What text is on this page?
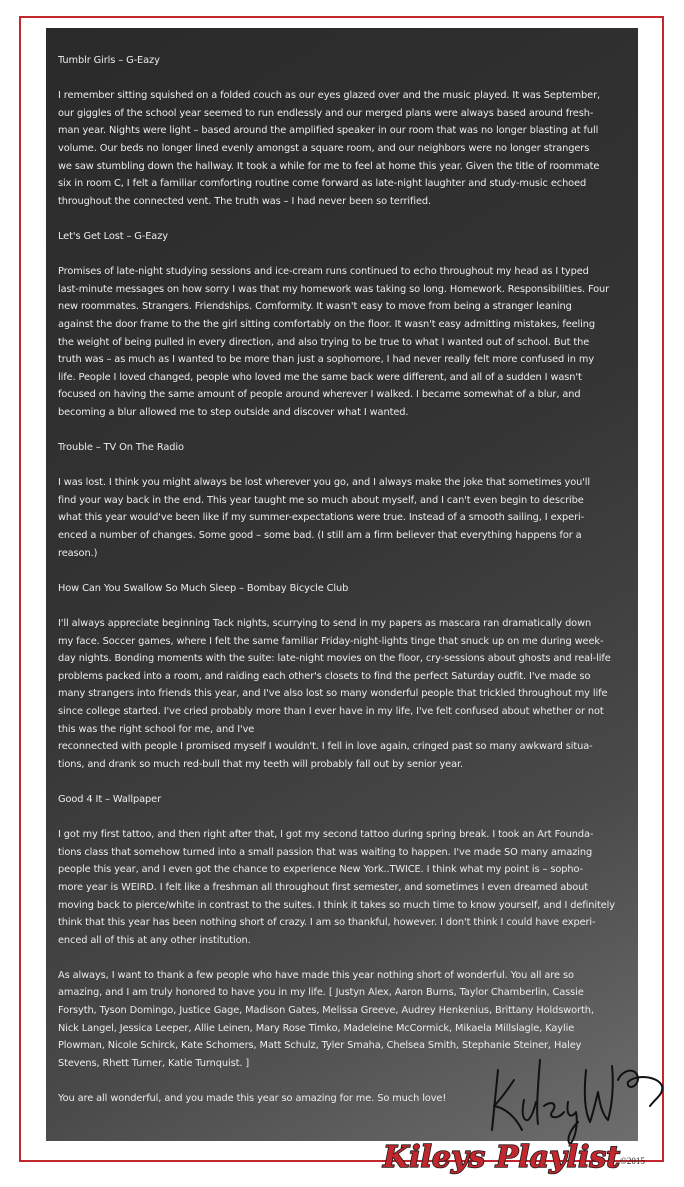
Tumblr Girls – G-Eazy
I remember sitting squished on a folded couch as our eyes glazed over and the music played. It was September,
our giggles of the school year seemed to run endlessly and our merged plans were always based around fresh-
man year. Nights were light – based around the amplified speaker in our room that was no longer blasting at full
volume. Our beds no longer lined evenly amongst a square room, and our neighbors were no longer strangers
we saw stumbling down the hallway. It took a while for me to feel at home this year. Given the title of roommate
six in room C, I felt a familiar comforting routine come forward as late-night laughter and study-music echoed
throughout the connected vent. The truth was – I had never been so terrified.
Let's Get Lost – G-Eazy
Promises of late-night studying sessions and ice-cream runs continued to echo throughout my head as I typed
last-minute messages on how sorry I was that my homework was taking so long. Homework. Responsibilities. Four
new roommates. Strangers. Friendships. Comformity. It wasn't easy to move from being a stranger leaning
against the door frame to the the girl sitting comfortably on the floor. It wasn't easy admitting mistakes, feeling
the weight of being pulled in every direction, and also trying to be true to what I wanted out of school. But the
truth was – as much as I wanted to be more than just a sophomore, I had never really felt more confused in my
life. People I loved changed, people who loved me the same back were different, and all of a sudden I wasn't
focused on having the same amount of people around wherever I walked. I became somewhat of a blur, and
becoming a blur allowed me to step outside and discover what I wanted.
Trouble – TV On The Radio
I was lost. I think you might always be lost wherever you go, and I always make the joke that sometimes you'll
find your way back in the end. This year taught me so much about myself, and I can't even begin to describe
what this year would've been like if my summer-expectations were true. Instead of a smooth sailing, I experi-
enced a number of changes. Some good – some bad. (I still am a firm believer that everything happens for a
reason.)
How Can You Swallow So Much Sleep – Bombay Bicycle Club
I'll always appreciate beginning Tack nights, scurrying to send in my papers as mascara ran dramatically down
my face. Soccer games, where I felt the same familiar Friday-night-lights tinge that snuck up on me during week-
day nights. Bonding moments with the suite: late-night movies on the floor, cry-sessions about ghosts and real-life
problems packed into a room, and raiding each other's closets to find the perfect Saturday outfit. I've made so
many strangers into friends this year, and I've also lost so many wonderful people that trickled throughout my life
since college started. I've cried probably more than I ever have in my life, I've felt confused about whether or not
this was the right school for me, and I've
reconnected with people I promised myself I wouldn't. I fell in love again, cringed past so many awkward situa-
tions, and drank so much red-bull that my teeth will probably fall out by senior year.
Good 4 It – Wallpaper
I got my first tattoo, and then right after that, I got my second tattoo during spring break. I took an Art Founda-
tions class that somehow turned into a small passion that was waiting to happen. I've made SO many amazing
people this year, and I even got the chance to experience New York..TWICE. I think what my point is – sopho-
more year is WEIRD. I felt like a freshman all throughout first semester, and sometimes I even dreamed about
moving back to pierce/white in contrast to the suites. I think it takes so much time to know yourself, and I definitely
think that this year has been nothing short of crazy. I am so thankful, however. I don't think I could have experi-
enced all of this at any other institution.
As always, I want to thank a few people who have made this year nothing short of wonderful. You all are so
amazing, and I am truly honored to have you in my life. [ Justyn Alex, Aaron Burns, Taylor Chamberlin, Cassie
Forsyth, Tyson Domingo, Justice Gage, Madison Gates, Melissa Greeve, Audrey Henkenius, Brittany Holdsworth,
Nick Langel, Jessica Leeper, Allie Leinen, Mary Rose Timko, Madeleine McCormick, Mikaela Millslagle, Kaylie
Plowman, Nicole Schirck, Kate Schomers, Matt Schulz, Tyler Smaha, Chelsea Smith, Stephanie Steiner, Haley
Stevens, Rhett Turner, Katie Turnquist. ]
You are all wonderful, and you made this year so amazing for me. So much love!
Kileys Playlist ©2015
